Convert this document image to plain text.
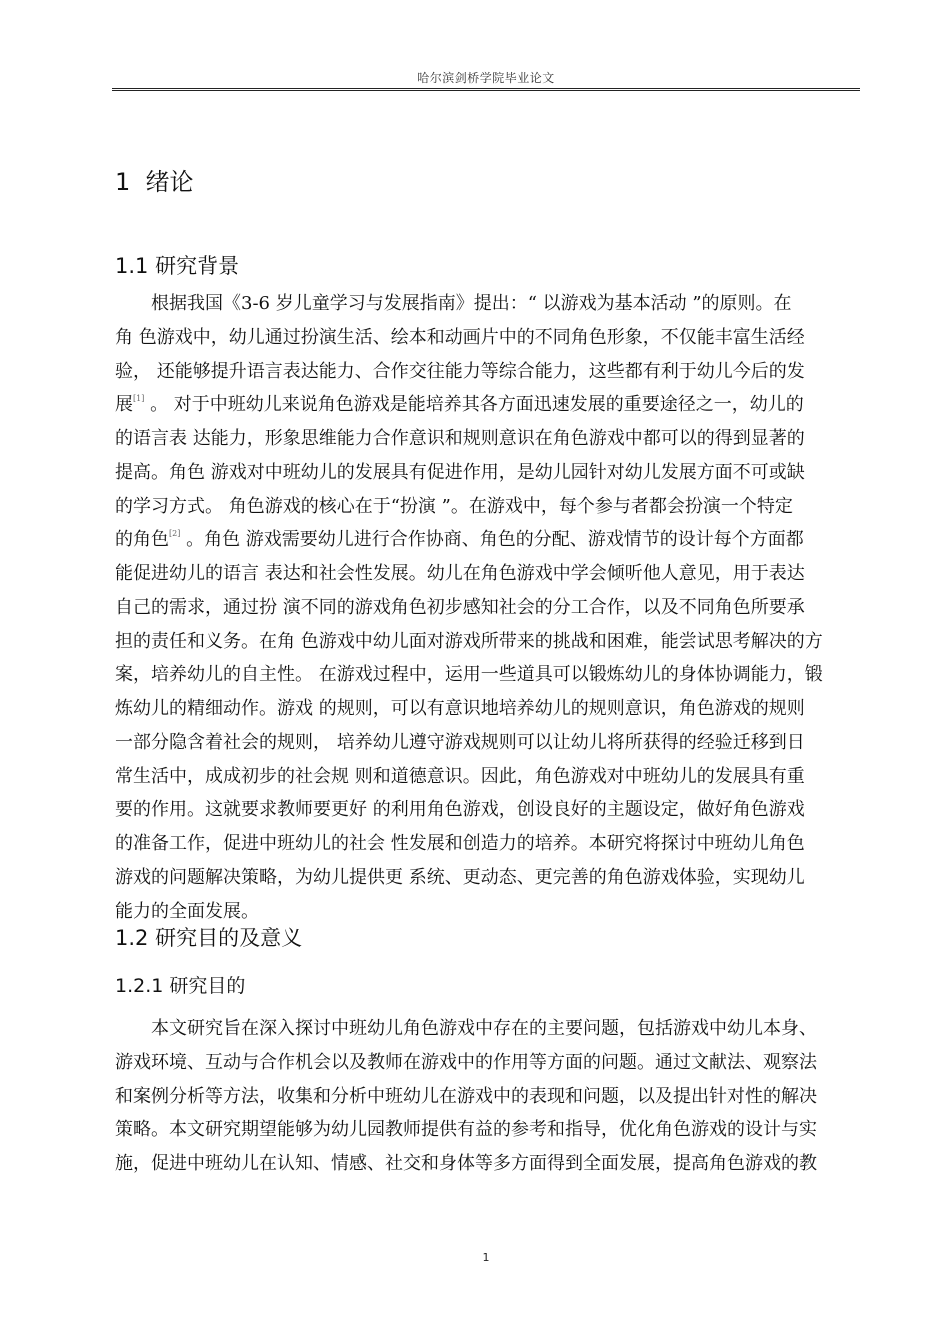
哈尔滨剑桥学院毕业论文
1  绪论
1.1 研究背景
根据我国《3-6 岁儿童学习与发展指南》提出：“ 以游戏为基本活动 ”的原则。在
角 色游戏中，幼儿通过扮演生活、绘本和动画片中的不同角色形象，不仅能丰富生活经
验， 还能够提升语言表达能力、合作交往能力等综合能力，这些都有利于幼儿今后的发
展[1] 。 对于中班幼儿来说角色游戏是能培养其各方面迅速发展的重要途径之一，幼儿的
的语言表 达能力，形象思维能力合作意识和规则意识在角色游戏中都可以的得到显著的
提高。角色 游戏对中班幼儿的发展具有促进作用，是幼儿园针对幼儿发展方面不可或缺
的学习方式。 角色游戏的核心在于“扮演 ”。在游戏中，每个参与者都会扮演一个特定
的角色[2] 。角色 游戏需要幼儿进行合作协商、角色的分配、游戏情节的设计每个方面都
能促进幼儿的语言 表达和社会性发展。幼儿在角色游戏中学会倾听他人意见，用于表达
自己的需求，通过扮 演不同的游戏角色初步感知社会的分工合作，以及不同角色所要承
担的责任和义务。在角 色游戏中幼儿面对游戏所带来的挑战和困难，能尝试思考解决的方
案，培养幼儿的自主性。 在游戏过程中，运用一些道具可以锻炼幼儿的身体协调能力，锻
炼幼儿的精细动作。游戏 的规则，可以有意识地培养幼儿的规则意识，角色游戏的规则
一部分隐含着社会的规则， 培养幼儿遵守游戏规则可以让幼儿将所获得的经验迁移到日
常生活中，成成初步的社会规 则和道德意识。因此，角色游戏对中班幼儿的发展具有重
要的作用。这就要求教师要更好 的利用角色游戏，创设良好的主题设定，做好角色游戏
的准备工作，促进中班幼儿的社会 性发展和创造力的培养。本研究将探讨中班幼儿角色
游戏的问题解决策略，为幼儿提供更 系统、更动态、更完善的角色游戏体验，实现幼儿
能力的全面发展。
1.2 研究目的及意义
1.2.1 研究目的
本文研究旨在深入探讨中班幼儿角色游戏中存在的主要问题，包括游戏中幼儿本身、
游戏环境、互动与合作机会以及教师在游戏中的作用等方面的问题。通过文献法、观察法
和案例分析等方法，收集和分析中班幼儿在游戏中的表现和问题，以及提出针对性的解决
策略。本文研究期望能够为幼儿园教师提供有益的参考和指导，优化角色游戏的设计与实
施，促进中班幼儿在认知、情感、社交和身体等多方面得到全面发展，提高角色游戏的教
1
